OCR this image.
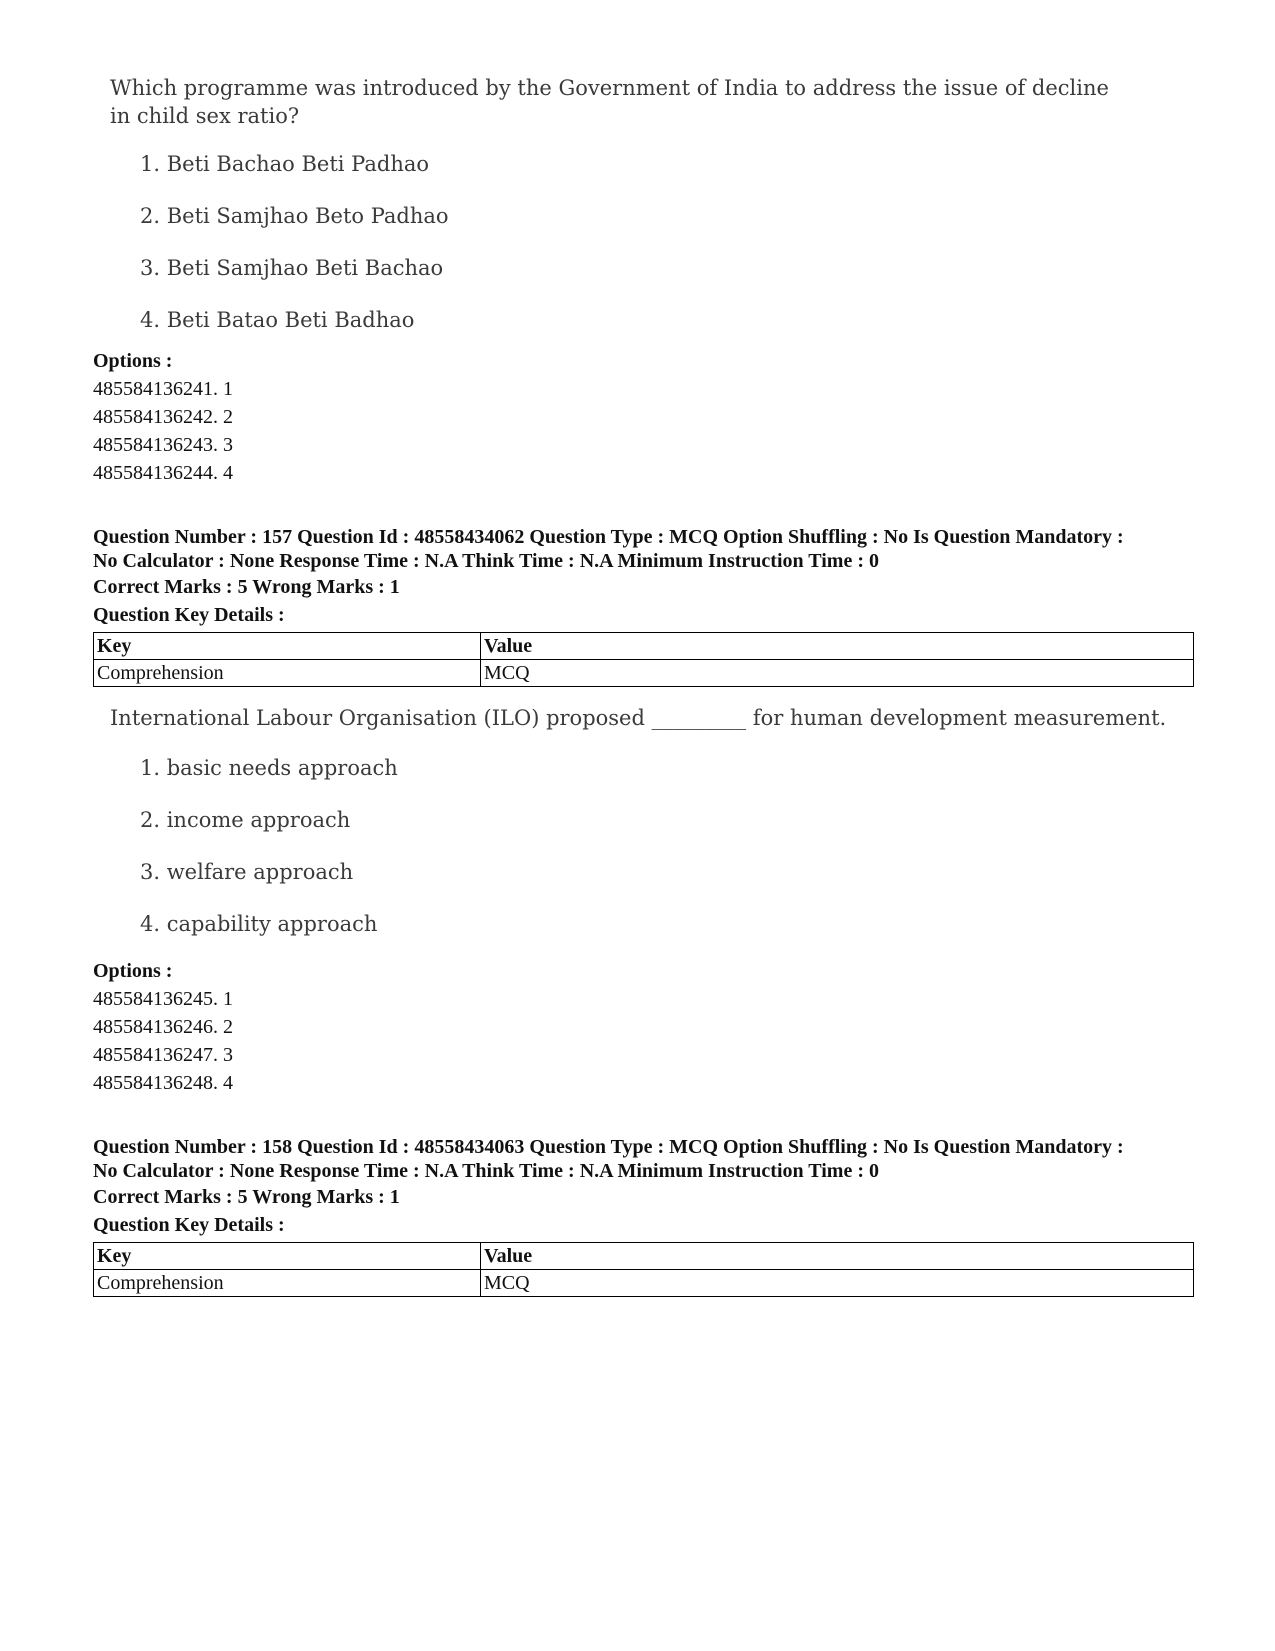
Which programme was introduced by the Government of India to address the issue of decline in child sex ratio?
1. Beti Bachao Beti Padhao
2. Beti Samjhao Beto Padhao
3. Beti Samjhao Beti Bachao
4. Beti Batao Beti Badhao
Options :
485584136241. 1
485584136242. 2
485584136243. 3
485584136244. 4
Question Number : 157 Question Id : 48558434062 Question Type : MCQ Option Shuffling : No Is Question Mandatory :
No Calculator : None Response Time : N.A Think Time : N.A Minimum Instruction Time : 0
Correct Marks : 5 Wrong Marks : 1
Question Key Details :
Key	Value
Comprehension	MCQ
International Labour Organisation (ILO) proposed _________ for human development measurement.
1. basic needs approach
2. income approach
3. welfare approach
4. capability approach
Options :
485584136245. 1
485584136246. 2
485584136247. 3
485584136248. 4
Question Number : 158 Question Id : 48558434063 Question Type : MCQ Option Shuffling : No Is Question Mandatory :
No Calculator : None Response Time : N.A Think Time : N.A Minimum Instruction Time : 0
Correct Marks : 5 Wrong Marks : 1
Question Key Details :
Key	Value
Comprehension	MCQ
